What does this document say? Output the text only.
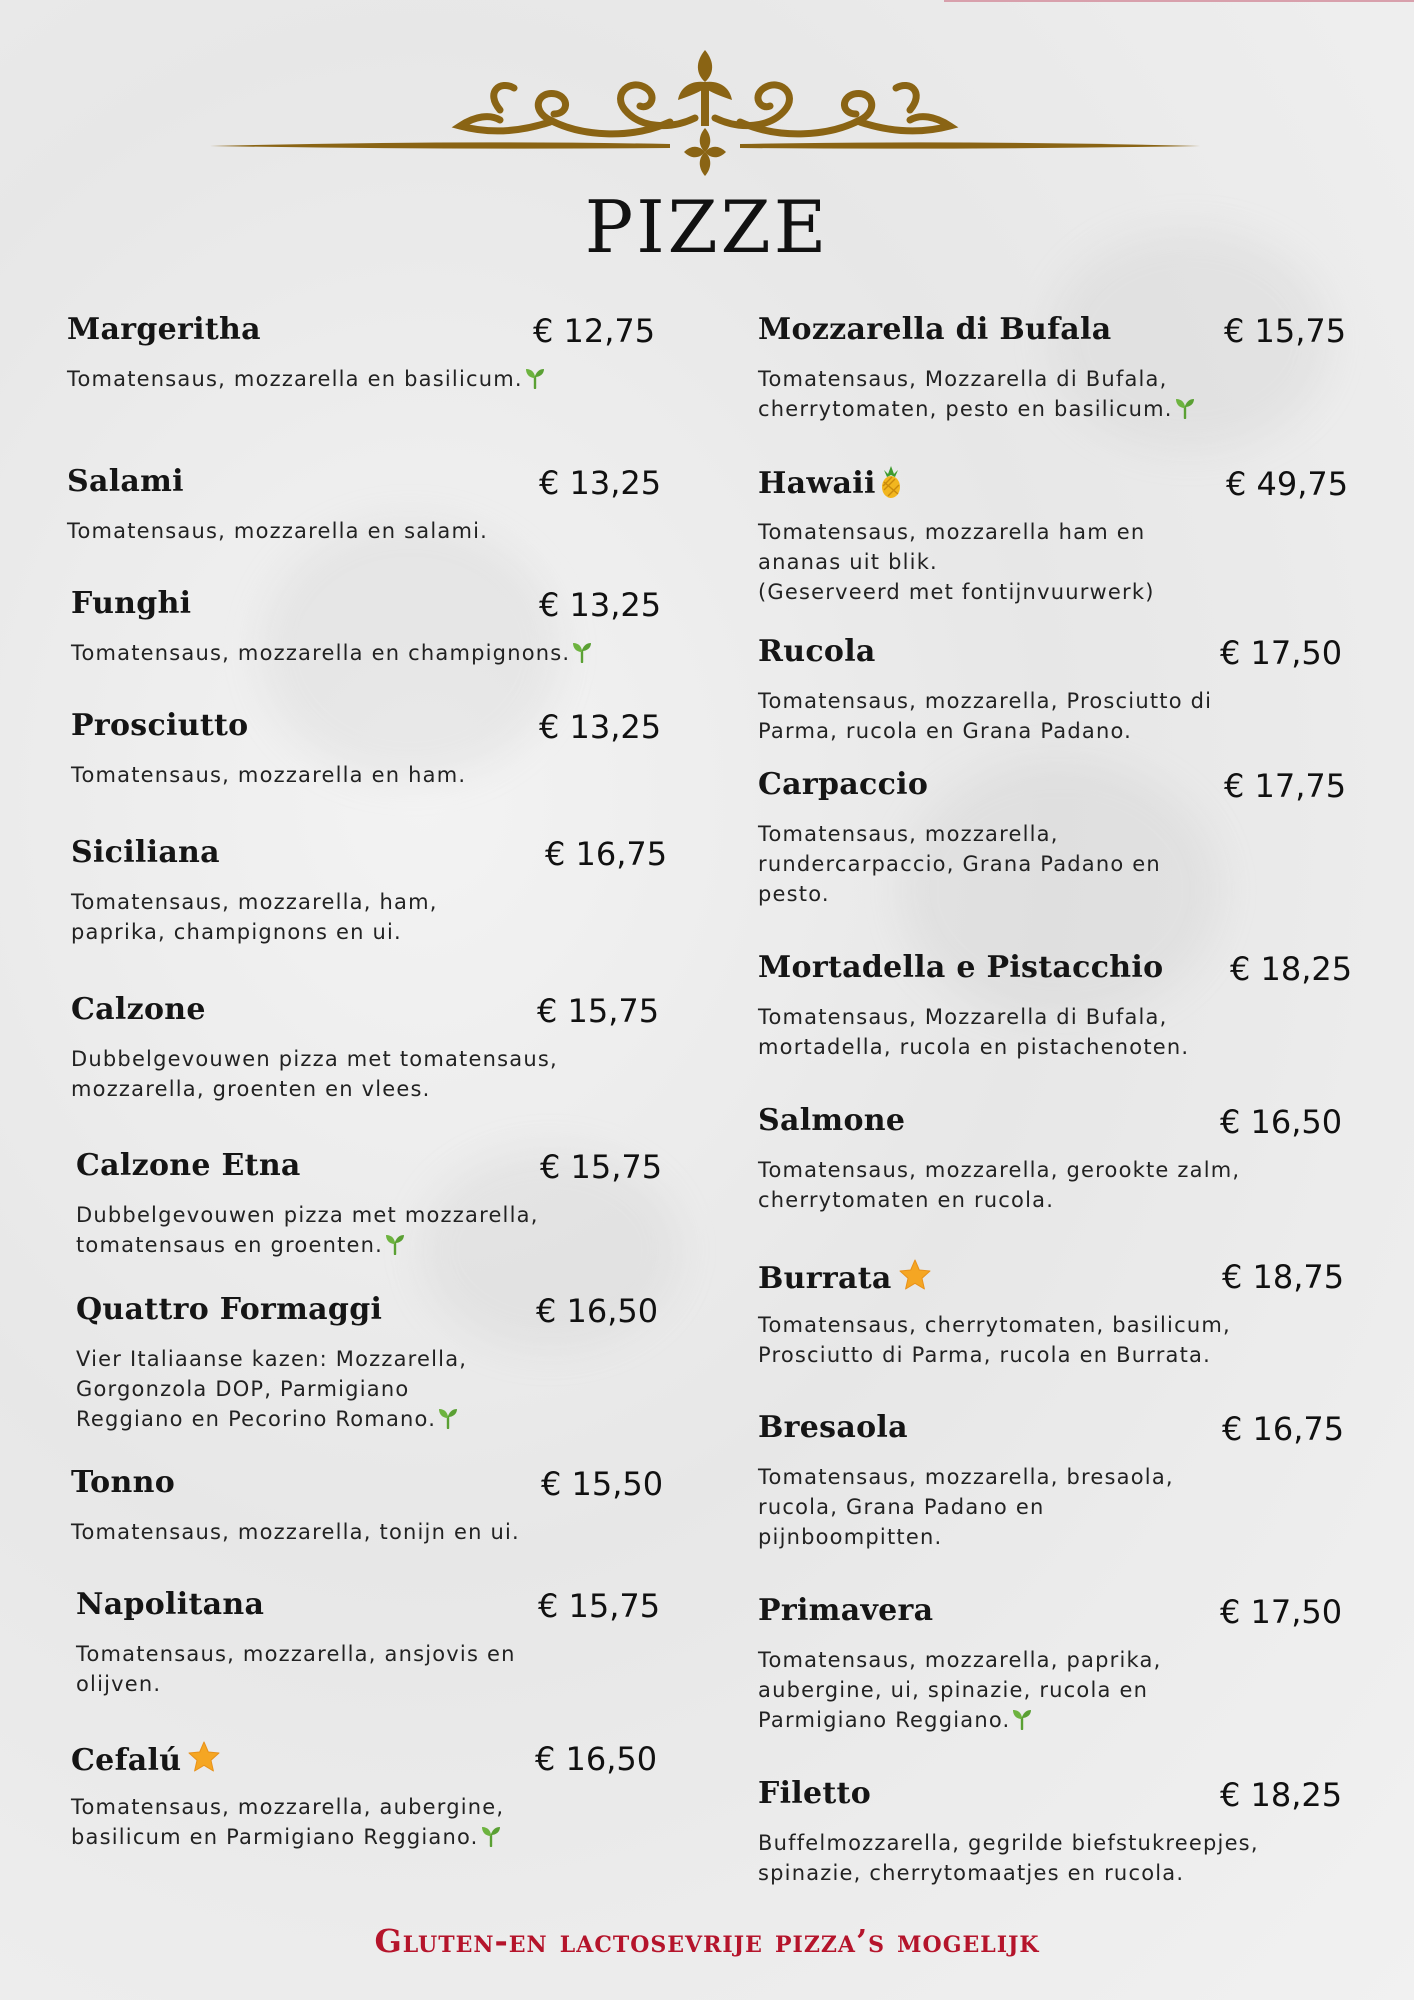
PIZZE
Margeritha	€ 12,75
Tomatensaus, mozzarella en basilicum.
Salami	€ 13,25
Tomatensaus, mozzarella en salami.
Funghi	€ 13,25
Tomatensaus, mozzarella en champignons.
Prosciutto	€ 13,25
Tomatensaus, mozzarella en ham.
Siciliana	€ 16,75
Tomatensaus, mozzarella, ham,
paprika, champignons en ui.
Calzone	€ 15,75
Dubbelgevouwen pizza met tomatensaus,
mozzarella, groenten en vlees.
Calzone Etna	€ 15,75
Dubbelgevouwen pizza met mozzarella,
tomatensaus en groenten.
Quattro Formaggi	€ 16,50
Vier Italiaanse kazen: Mozzarella,
Gorgonzola DOP, Parmigiano
Reggiano en Pecorino Romano.
Tonno	€ 15,50
Tomatensaus, mozzarella, tonijn en ui.
Napolitana	€ 15,75
Tomatensaus, mozzarella, ansjovis en
olijven.
Cefalú	€ 16,50
Tomatensaus, mozzarella, aubergine,
basilicum en Parmigiano Reggiano.
Mozzarella di Bufala	€ 15,75
Tomatensaus, Mozzarella di Bufala,
cherrytomaten, pesto en basilicum.
Hawaii	€ 49,75
Tomatensaus, mozzarella ham en
ananas uit blik.
(Geserveerd met fontijnvuurwerk)
Rucola	€ 17,50
Tomatensaus, mozzarella, Prosciutto di
Parma, rucola en Grana Padano.
Carpaccio	€ 17,75
Tomatensaus, mozzarella,
rundercarpaccio, Grana Padano en
pesto.
Mortadella e Pistacchio € 18,25
Tomatensaus, Mozzarella di Bufala,
mortadella, rucola en pistachenoten.
Salmone	€ 16,50
Tomatensaus, mozzarella, gerookte zalm,
cherrytomaten en rucola.
Burrata	€ 18,75
Tomatensaus, cherrytomaten, basilicum,
Prosciutto di Parma, rucola en Burrata.
Bresaola	€ 16,75
Tomatensaus, mozzarella, bresaola,
rucola, Grana Padano en
pijnboompitten.
Primavera	€ 17,50
Tomatensaus, mozzarella, paprika,
aubergine, ui, spinazie, rucola en
Parmigiano Reggiano.
Filetto	€ 18,25
Buffelmozzarella, gegrilde biefstukreepjes,
spinazie, cherrytomaatjes en rucola.

Gluten-en lactosevrije pizza’s mogelijk
